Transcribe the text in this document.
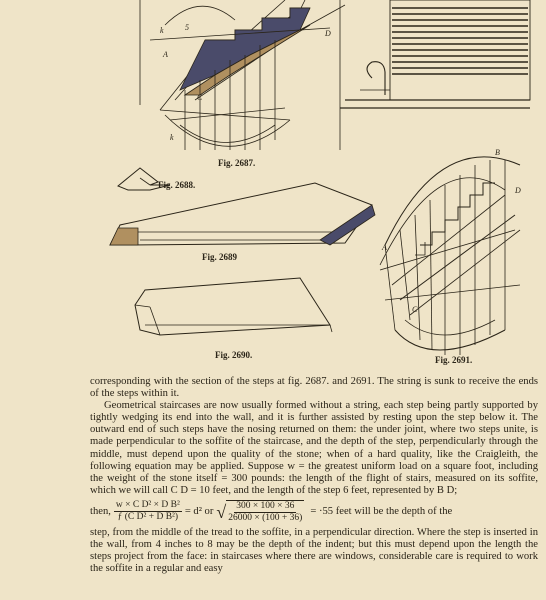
k
A
5
D
C
k
B
D
A
C
Fig. 2687.
Fig. 2688.
Fig. 2689
Fig. 2690.	Fig. 2691.

corresponding with the section of the steps at fig. 2687. and 2691. The string is sunk to receive the ends of the steps within it.

Geometrical staircases are now usually formed without a string, each step being partly supported by tightly wedging its end into the wall, and it is further assisted by resting upon the step below it. The outward end of such steps have the nosing returned on them: the under joint, where two steps unite, is made perpendicular to the soffite of the staircase, and the depth of the step, perpendicularly through the middle, must depend upon the quality of the stone; when of a hard quality, like the Craigleith, the following equation may be applied. Suppose w = the greatest uniform load on a square foot, including the weight of the stone itself = 300 pounds: the length of the flight of stairs, measured on its soffite, which we will call C D = 10 feet, and the length of the step 6 feet, represented by B D;

then, $\frac{\text{w × C D² × D B²}}{\text{ƒ (C D² + D B²)}} = d^2$ or √ $\frac{300 \times 100 \times 36}{26000 \times (100 + 36)} = \cdot 55$ feet will be the depth of the

step, from the middle of the tread to the soffite, in a perpendicular direction. Where the step is inserted in the wall, from 4 inches to 8 may be the depth of the indent; but this must depend upon the length the steps project from the face: in staircases where there are windows, considerable care is required to work the soffite in a regular and easy
